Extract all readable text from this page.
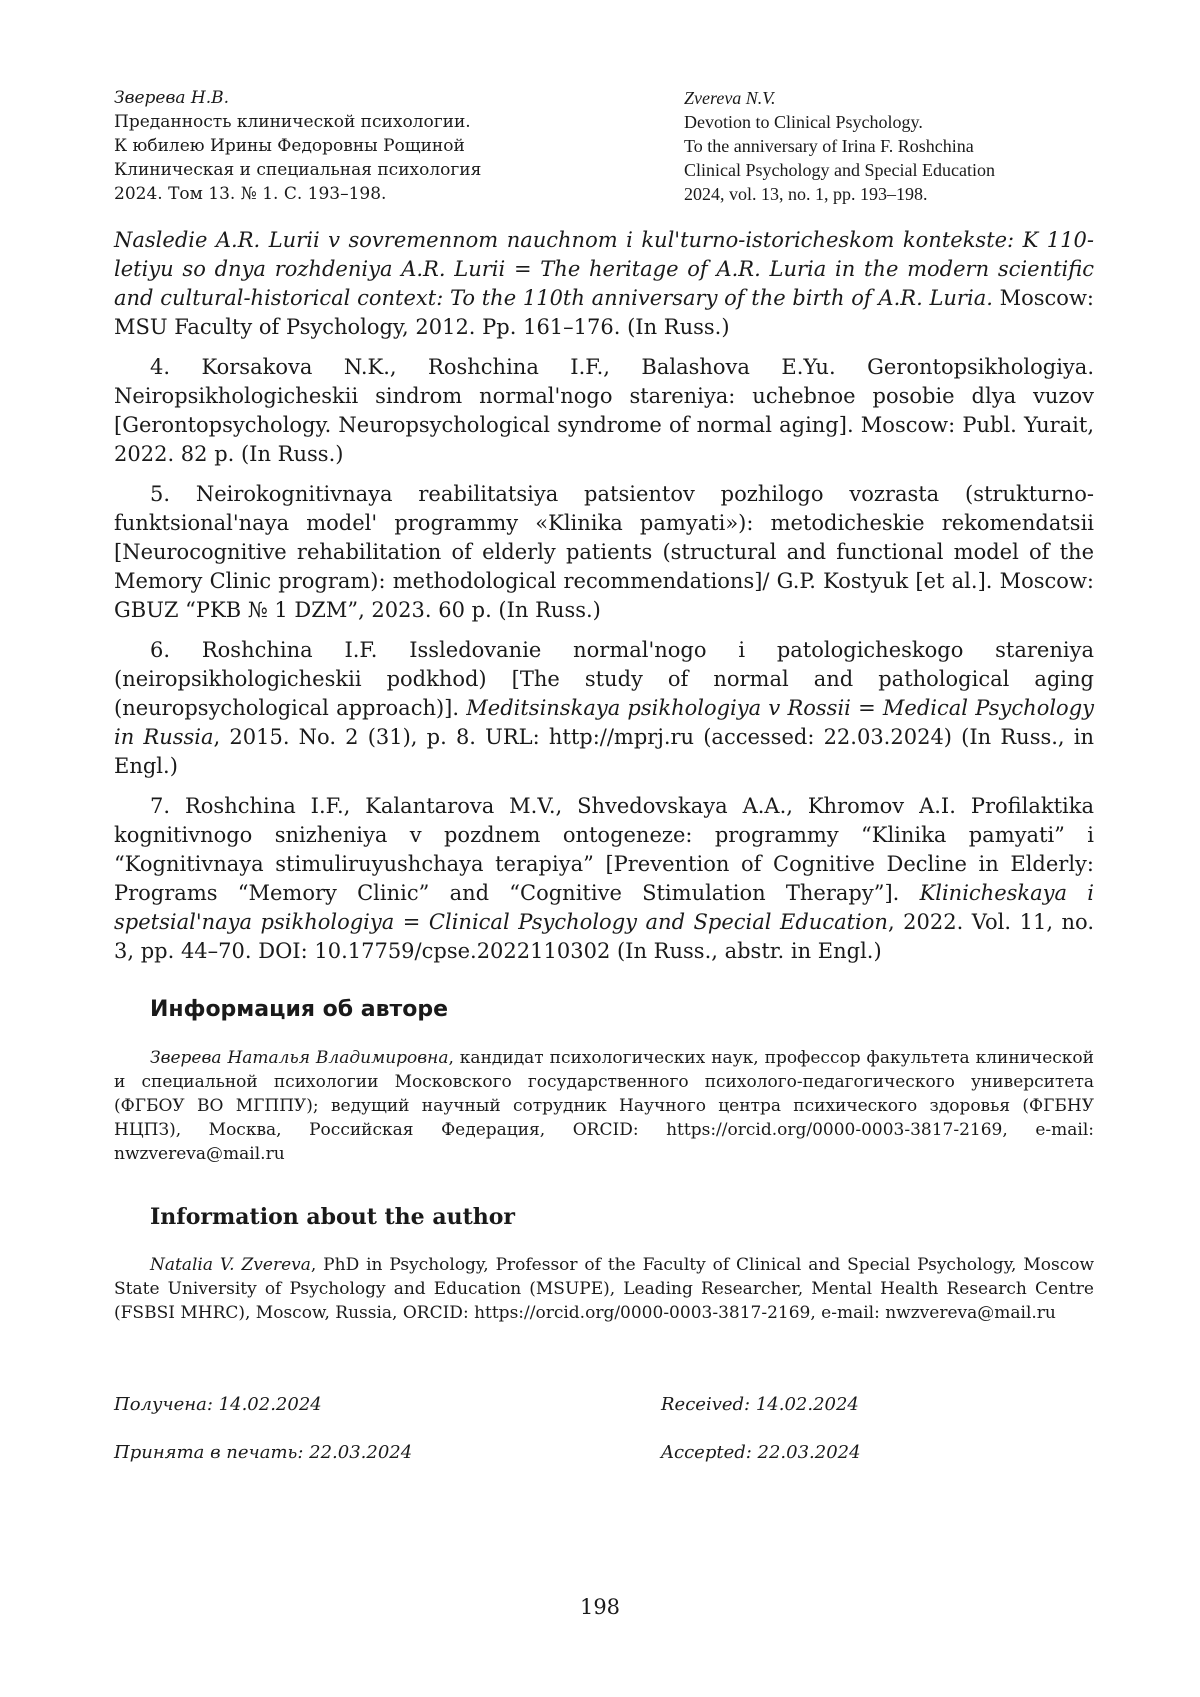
Зверева Н.В.
Преданность клинической психологии.
К юбилею Ирины Федоровны Рощиной
Клиническая и специальная психология
2024. Том 13. № 1. С. 193–198.
Zvereva N.V.
Devotion to Clinical Psychology.
To the anniversary of Irina F. Roshchina
Clinical Psychology and Special Education
2024, vol. 13, no. 1, pp. 193–198.

Nasledie A.R. Lurii v sovremennom nauchnom i kul'turno-istoricheskom kontekste: K 110-letiyu so dnya rozhdeniya A.R. Lurii = The heritage of A.R. Luria in the modern scientific and cultural-historical context: To the 110th anniversary of the birth of A.R. Luria. Moscow: MSU Faculty of Psychology, 2012. Pp. 161–176. (In Russ.)

4. Korsakova N.K., Roshchina I.F., Balashova E.Yu. Gerontopsikhologiya. Neiropsikhologicheskii sindrom normal'nogo stareniya: uchebnoe posobie dlya vuzov [Gerontopsychology. Neuropsychological syndrome of normal aging]. Moscow: Publ. Yurait, 2022. 82 p. (In Russ.)

5. Neirokognitivnaya reabilitatsiya patsientov pozhilogo vozrasta (strukturno-funktsional'naya model' programmy «Klinika pamyati»): metodicheskie rekomendatsii [Neurocognitive rehabilitation of elderly patients (structural and functional model of the Memory Clinic program): methodological recommendations]/ G.P. Kostyuk [et al.]. Moscow: GBUZ “PKB № 1 DZM”, 2023. 60 p. (In Russ.)

6. Roshchina I.F. Issledovanie normal'nogo i patologicheskogo stareniya (neiropsikhologicheskii podkhod) [The study of normal and pathological aging (neuropsychological approach)]. Meditsinskaya psikhologiya v Rossii = Medical Psychology in Russia, 2015. No. 2 (31), p. 8. URL: http://mprj.ru (accessed: 22.03.2024) (In Russ., in Engl.)

7. Roshchina I.F., Kalantarova M.V., Shvedovskaya A.A., Khromov A.I. Profilaktika kognitivnogo snizheniya v pozdnem ontogeneze: programmy “Klinika pamyati” i “Kognitivnaya stimuliruyushchaya terapiya” [Prevention of Cognitive Decline in Elderly: Programs “Memory Clinic” and “Cognitive Stimulation Therapy”]. Klinicheskaya i spetsial'naya psikhologiya = Clinical Psychology and Special Education, 2022. Vol. 11, no. 3, pp. 44–70. DOI: 10.17759/cpse.2022110302 (In Russ., abstr. in Engl.)

Информация об авторе
Зверева Наталья Владимировна, кандидат психологических наук, профессор факультета клинической и специальной психологии Московского государственного психолого-педагогического университета (ФГБОУ ВО МГППУ); ведущий научный сотрудник Научного центра психического здоровья (ФГБНУ НЦПЗ), Москва, Российская Федерация, ORCID: https://orcid.org/0000-0003-3817-2169, e-mail: nwzvereva@mail.ru
Information about the author
Natalia V. Zvereva, PhD in Psychology, Professor of the Faculty of Clinical and Special Psychology, Moscow State University of Psychology and Education (MSUPE), Leading Researcher, Mental Health Research Centre (FSBSI MHRC), Moscow, Russia, ORCID: https://orcid.org/0000-0003-3817-2169, e-mail: nwzvereva@mail.ru
Получена: 14.02.2024	Received: 14.02.2024
Принята в печать: 22.03.2024	Accepted: 22.03.2024
198
